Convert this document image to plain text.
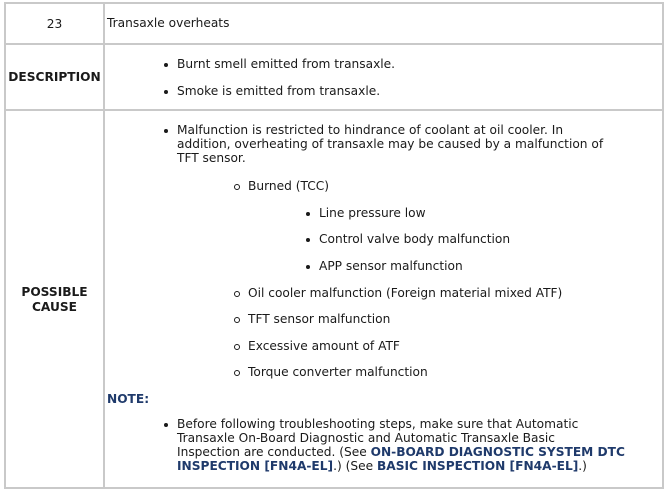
23	Transaxle overheats
DESCRIPTION
Burnt smell emitted from transaxle.
Smoke is emitted from transaxle.
POSSIBLE
CAUSE
Malfunction is restricted to hindrance of coolant at oil cooler. In
addition, overheating of transaxle may be caused by a malfunction of
TFT sensor.
Burned (TCC)
Line pressure low
Control valve body malfunction
APP sensor malfunction
Oil cooler malfunction (Foreign material mixed ATF)
TFT sensor malfunction
Excessive amount of ATF
Torque converter malfunction
NOTE:
Before following troubleshooting steps, make sure that Automatic
Transaxle On-Board Diagnostic and Automatic Transaxle Basic
Inspection are conducted. (See ON-BOARD DIAGNOSTIC SYSTEM DTC
INSPECTION [FN4A-EL].) (See BASIC INSPECTION [FN4A-EL].)
